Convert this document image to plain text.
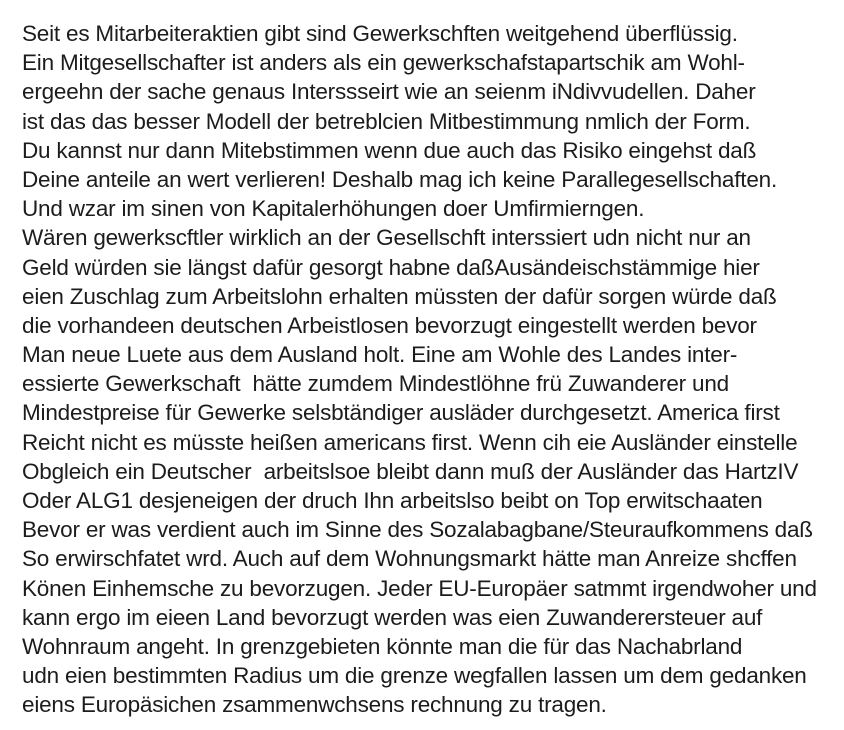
Seit es Mitarbeiteraktien gibt sind Gewerkschften weitgehend überflüssig.
Ein Mitgesellschafter ist anders als ein gewerkschafstapartschik am Wohl-
ergeehn der sache genaus Interssseirt wie an seienm iNdivvudellen. Daher
ist das das besser Modell der betreblcien Mitbestimmung nmlich der Form.
Du kannst nur dann Mitebstimmen wenn due auch das Risiko eingehst daß
Deine anteile an wert verlieren! Deshalb mag ich keine Parallegesellschaften.
Und wzar im sinen von Kapitalerhöhungen doer Umfirmierngen.
Wären gewerkscftler wirklich an der Gesellschft interssiert udn nicht nur an
Geld würden sie längst dafür gesorgt habne daßAusändeischstämmige hier
eien Zuschlag zum Arbeitslohn erhalten müssten der dafür sorgen würde daß
die vorhandeen deutschen Arbeistlosen bevorzugt eingestellt werden bevor
Man neue Luete aus dem Ausland holt. Eine am Wohle des Landes inter-
essierte Gewerkschaft  hätte zumdem Mindestlöhne frü Zuwanderer und
Mindestpreise für Gewerke selsbtändiger ausläder durchgesetzt. America first
Reicht nicht es müsste heißen americans first. Wenn cih eie Ausländer einstelle
Obgleich ein Deutscher  arbeitslsoe bleibt dann muß der Ausländer das HartzIV
Oder ALG1 desjeneigen der druch Ihn arbeitslso beibt on Top erwitschaaten
Bevor er was verdient auch im Sinne des Sozalabagbane/Steuraufkommens daß
So erwirschfatet wrd. Auch auf dem Wohnungsmarkt hätte man Anreize shcffen
Könen Einhemsche zu bevorzugen. Jeder EU-Europäer satmmt irgendwoher und
kann ergo im eieen Land bevorzugt werden was eien Zuwanderersteuer auf
Wohnraum angeht. In grenzgebieten könnte man die für das Nachabrland
udn eien bestimmten Radius um die grenze wegfallen lassen um dem gedanken
eiens Europäsichen zsammenwchsens rechnung zu tragen.
